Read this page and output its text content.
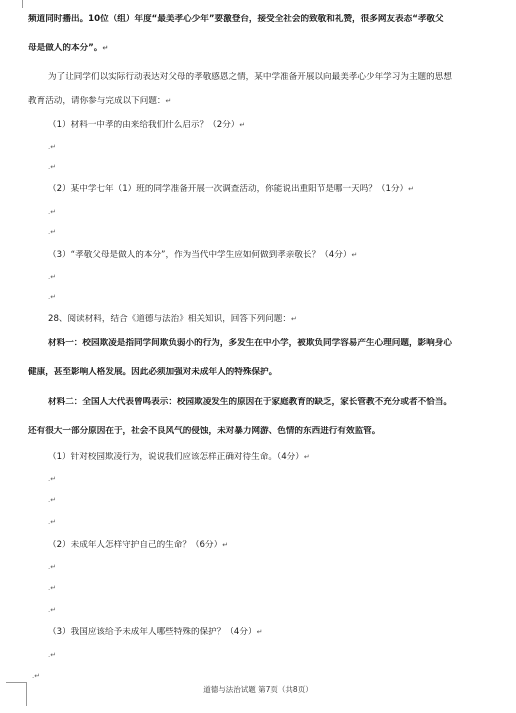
频道同时播出。10位（组）年度“最美孝心少年”要激登台，接受全社会的致敬和礼赞，很多网友表态“孝敬父
母是做人的本分”。↵
为了让同学们以实际行动表达对父母的孝敬感恩之情，某中学准备开展以向最美孝心少年学习为主题的思想
教育活动，请你参与完成以下问题：↵
（1）材料一中孝的由来给我们什么启示？（2分）↵
.↵
.↵
（2）某中学七年（1）班的同学准备开展一次调查活动，你能说出重阳节是哪一天吗？（1分）↵
.↵
.↵
（3）“孝敬父母是做人的本分”，作为当代中学生应如何做到孝亲敬长？（4分）↵
.↵
.↵
28、阅读材料，结合《道德与法治》相关知识，回答下列问题：↵
材料一：校园欺凌是指同学间欺负弱小的行为，多发生在中小学，被欺负同学容易产生心理问题，影响身心
健康，甚至影响人格发展。因此必须加强对未成年人的特殊保护。
材料二：全国人大代表曾鸣表示：校园欺凌发生的原因在于家庭教育的缺乏，家长管教不充分或者不恰当。
还有很大一部分原因在于，社会不良风气的侵蚀，未对暴力网游、色情的东西进行有效监管。
（1）针对校园欺凌行为，说说我们应该怎样正确对待生命。（4分）↵
.↵
.↵
.↵
（2）未成年人怎样守护自己的生命？（6分）↵
.↵
.↵
.↵
（3）我国应该给予未成年人哪些特殊的保护？（4分）↵
.↵
.↵
道德与法治试题 第7页（共8页）
